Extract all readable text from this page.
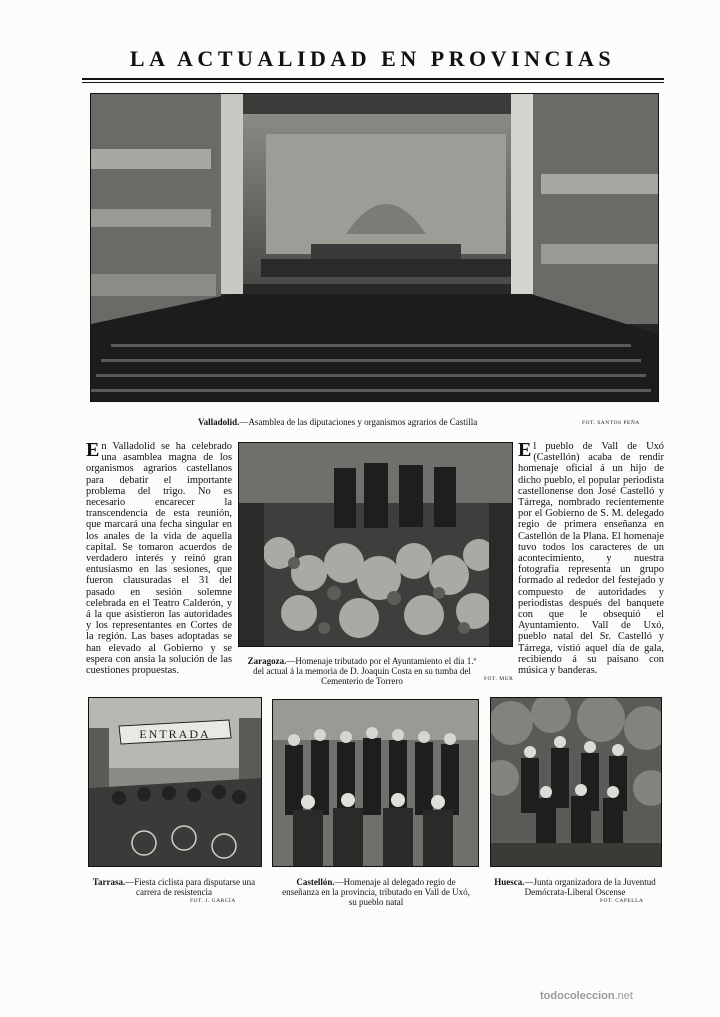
LA ACTUALIDAD EN PROVINCIAS
Valladolid.—Asamblea de las diputaciones y organismos agrarios de Castilla	FOT. SANTOS PEÑA

En Valladolid se ha celebrado una asamblea magna de los organismos agrarios castellanos para debatir el importante problema del trigo. No es necesario encarecer la transcendencia de esta reunión, que marcará una fecha singular en los anales de la vida de aquella capital. Se tomaron acuerdos de verdadero interés y reinó gran entusiasmo en las sesiones, que fueron clausuradas el 31 del pasado en sesión solemne celebrada en el Teatro Calderón, y á la que asistieron las autoridades y los representantes en Cortes de la región. Las bases adoptadas se han elevado al Gobierno y se espera con ansia la solución de las cuestiones propuestas.

Zaragoza.—Homenaje tributado por el Ayuntamiento el día 1.º del actual á la memoria de D. Joaquín Costa en su tumba del Cementerio de Torrero	FOT. MUR

El pueblo de Vall de Uxó (Castellón) acaba de rendir homenaje oficial á un hijo de dicho pueblo, el popular periodista castellonense don José Castelló y Tárrega, nombrado recientemente por el Gobierno de S. M. delegado regio de primera enseñanza en Castellón de la Plana. El homenaje tuvo todos los caracteres de un acontecimiento, y nuestra fotografía representa un grupo formado al rededor del festejado y compuesto de autoridades y periodistas después del banquete con que le obsequió el Ayuntamiento. Vall de Uxó, pueblo natal del Sr. Castelló y Tárrega, vistió aquel día de gala, recibiendo á su paisano con música y banderas.

ENTRADA
Tarrasa.—Fiesta ciclista para disputarse una carrera de resistencia
FOT. J. GARCÍA
Castellón.—Homenaje al delegado regio de enseñanza en la provincia, tributado en Vall de Uxó, su pueblo natal
Huesca.—Junta organizadora de la Juventud Demócrata-Liberal Oscense
FOT. CAPELLA
todocoleccion.net
